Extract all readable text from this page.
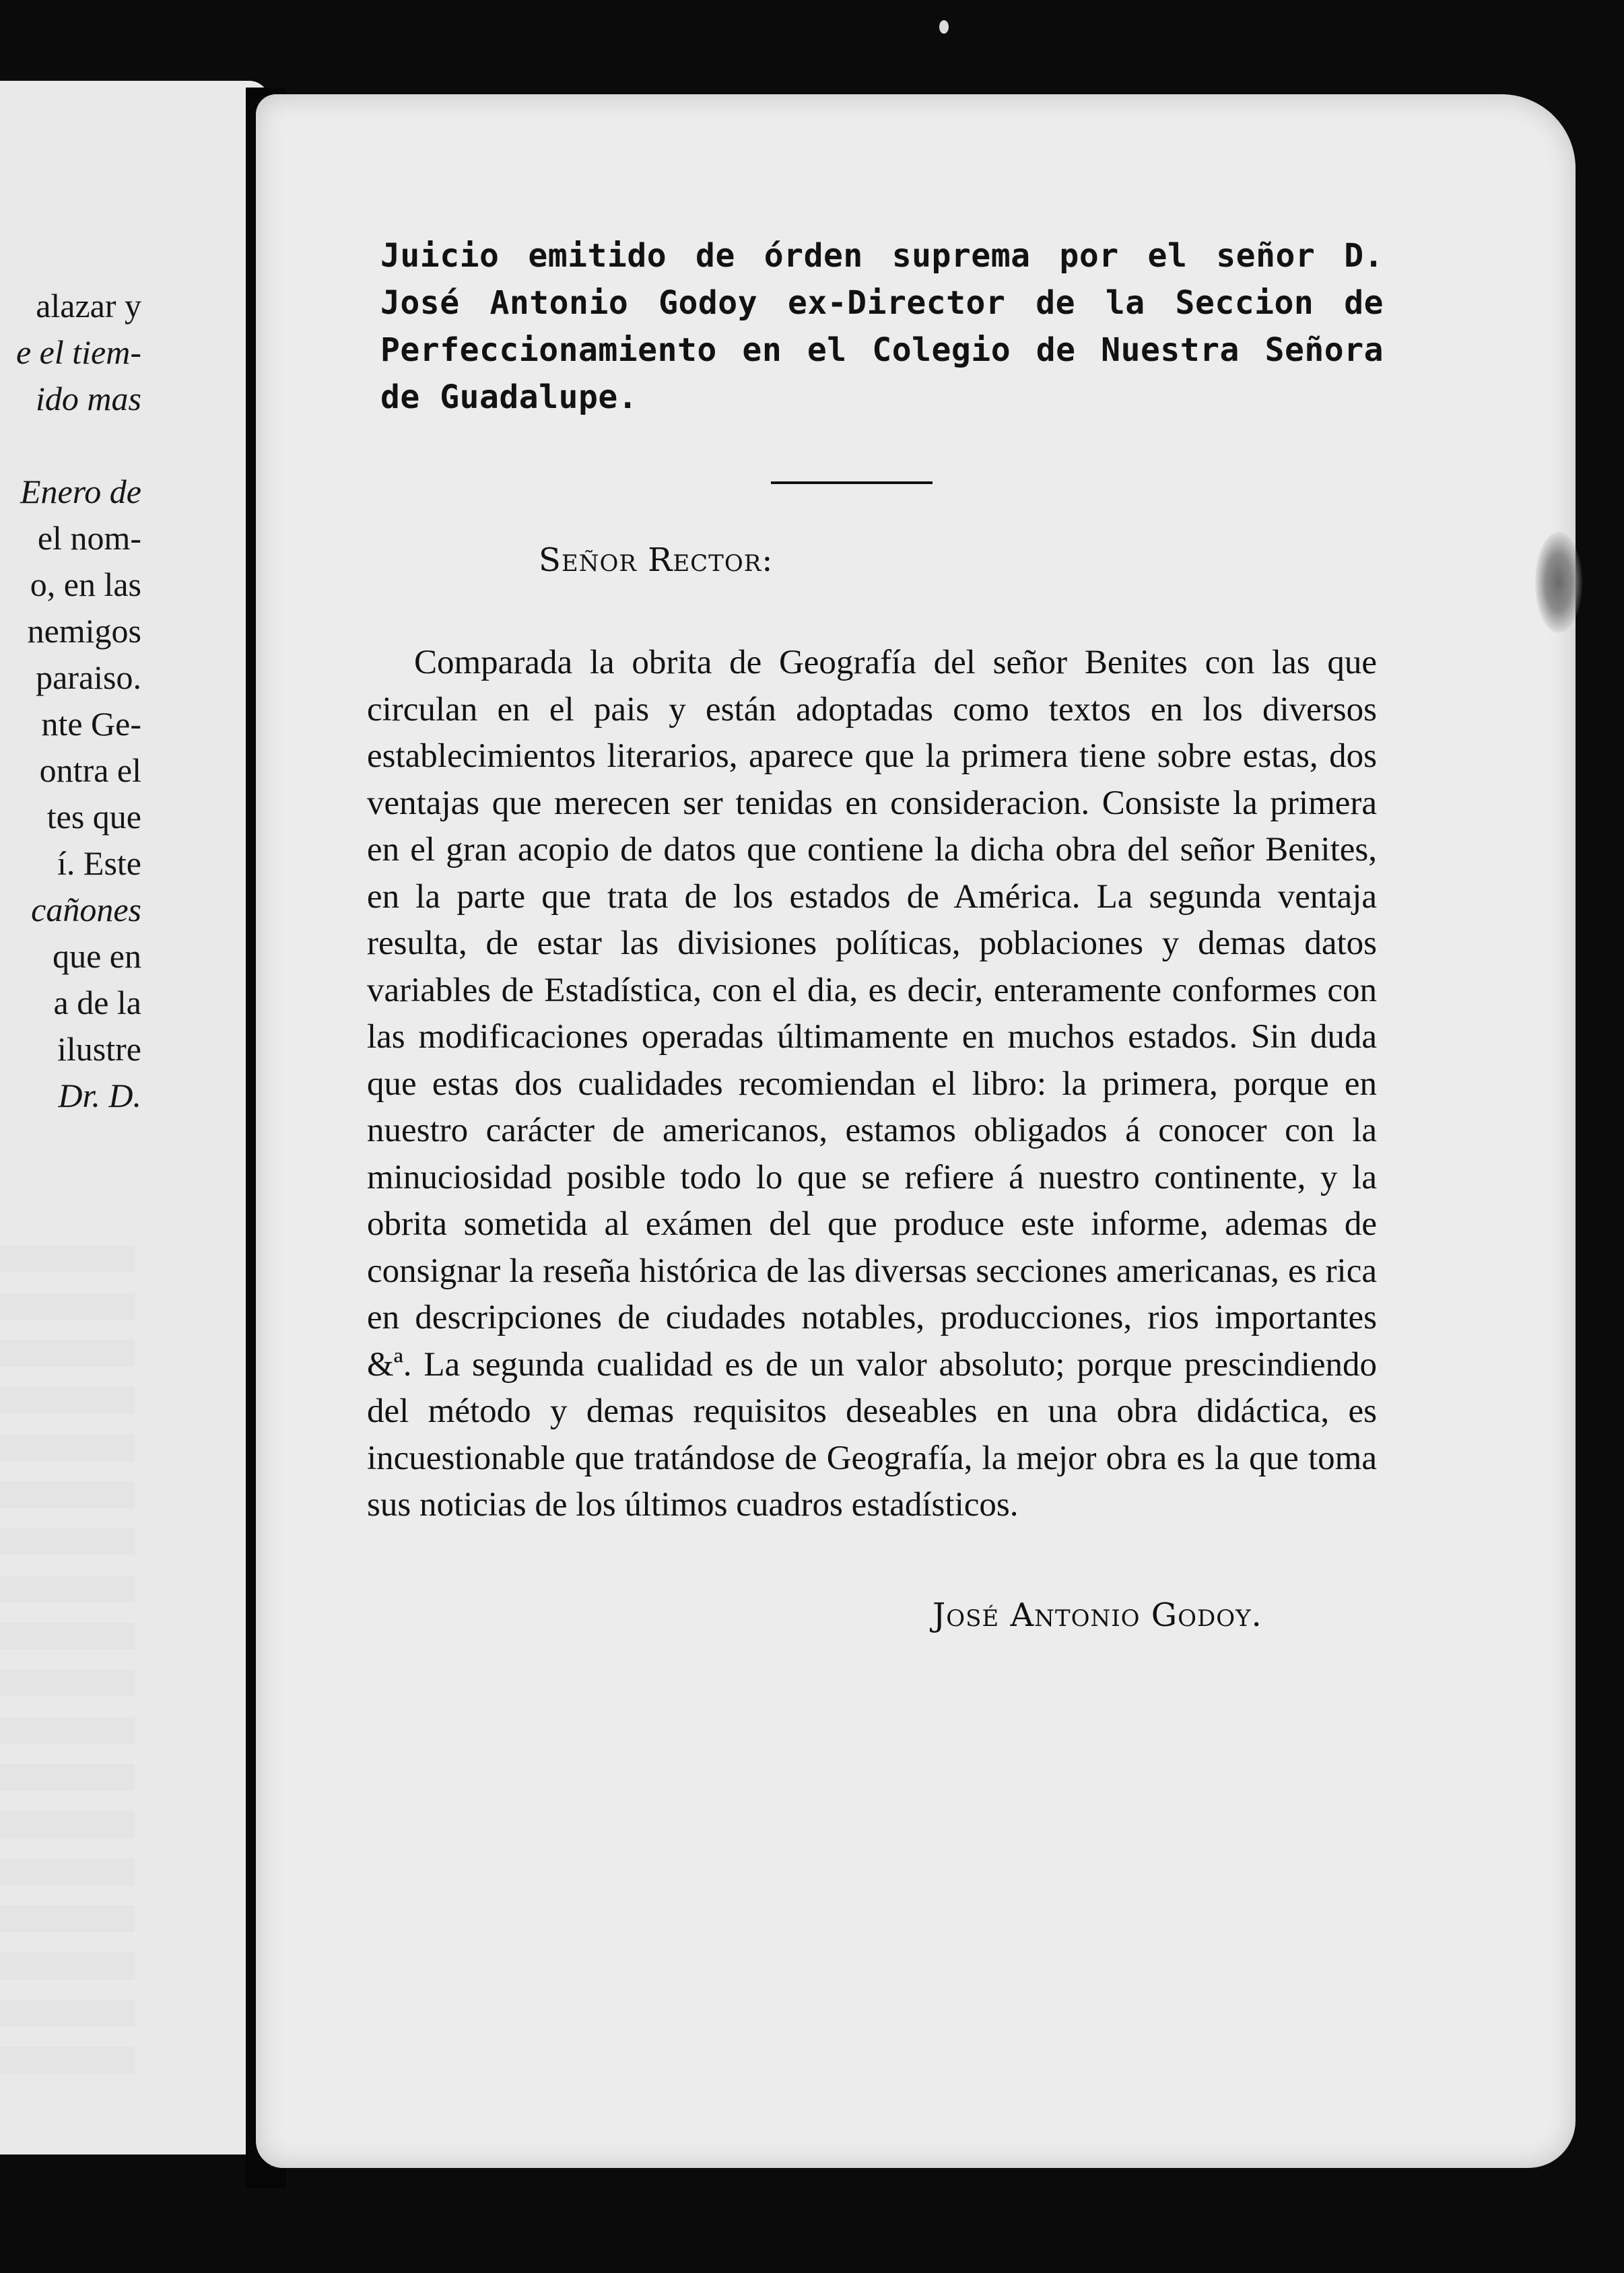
alazar y
e el tiem-
ido mas

Enero de
el nom-
o, en las
nemigos
paraiso.
nte Ge-
ontra el
tes que
í. Este
cañones
que en
a de la
ilustre
Dr. D.

Juicio emitido de órden suprema por el señor D. José Antonio Godoy ex-Director de la Seccion de Perfeccionamiento en el Colegio de Nuestra Señora de Guadalupe.

Señor Rector:

Comparada la obrita de Geografía del señor Benites con las que circulan en el pais y están adoptadas como textos en los diversos establecimientos literarios, aparece que la primera tiene sobre estas, dos ventajas que merecen ser tenidas en consideracion. Consiste la primera en el gran acopio de datos que contiene la dicha obra del señor Benites, en la parte que trata de los estados de América. La segunda ventaja resulta, de estar las divisiones políticas, poblaciones y demas datos variables de Estadística, con el dia, es decir, enteramente conformes con las modificaciones operadas últimamente en muchos estados. Sin duda que estas dos cualidades recomiendan el libro: la primera, porque en nuestro carácter de americanos, estamos obligados á conocer con la minuciosidad posible todo lo que se refiere á nuestro continente, y la obrita sometida al exámen del que produce este informe, ademas de consignar la reseña histórica de las diversas secciones americanas, es rica en descripciones de ciudades notables, producciones, rios importantes &ª. La segunda cualidad es de un valor absoluto; porque prescindiendo del método y demas requisitos deseables en una obra didáctica, es incuestionable que tratándose de Geografía, la mejor obra es la que toma sus noticias de los últimos cuadros estadísticos.

José Antonio Godoy.
